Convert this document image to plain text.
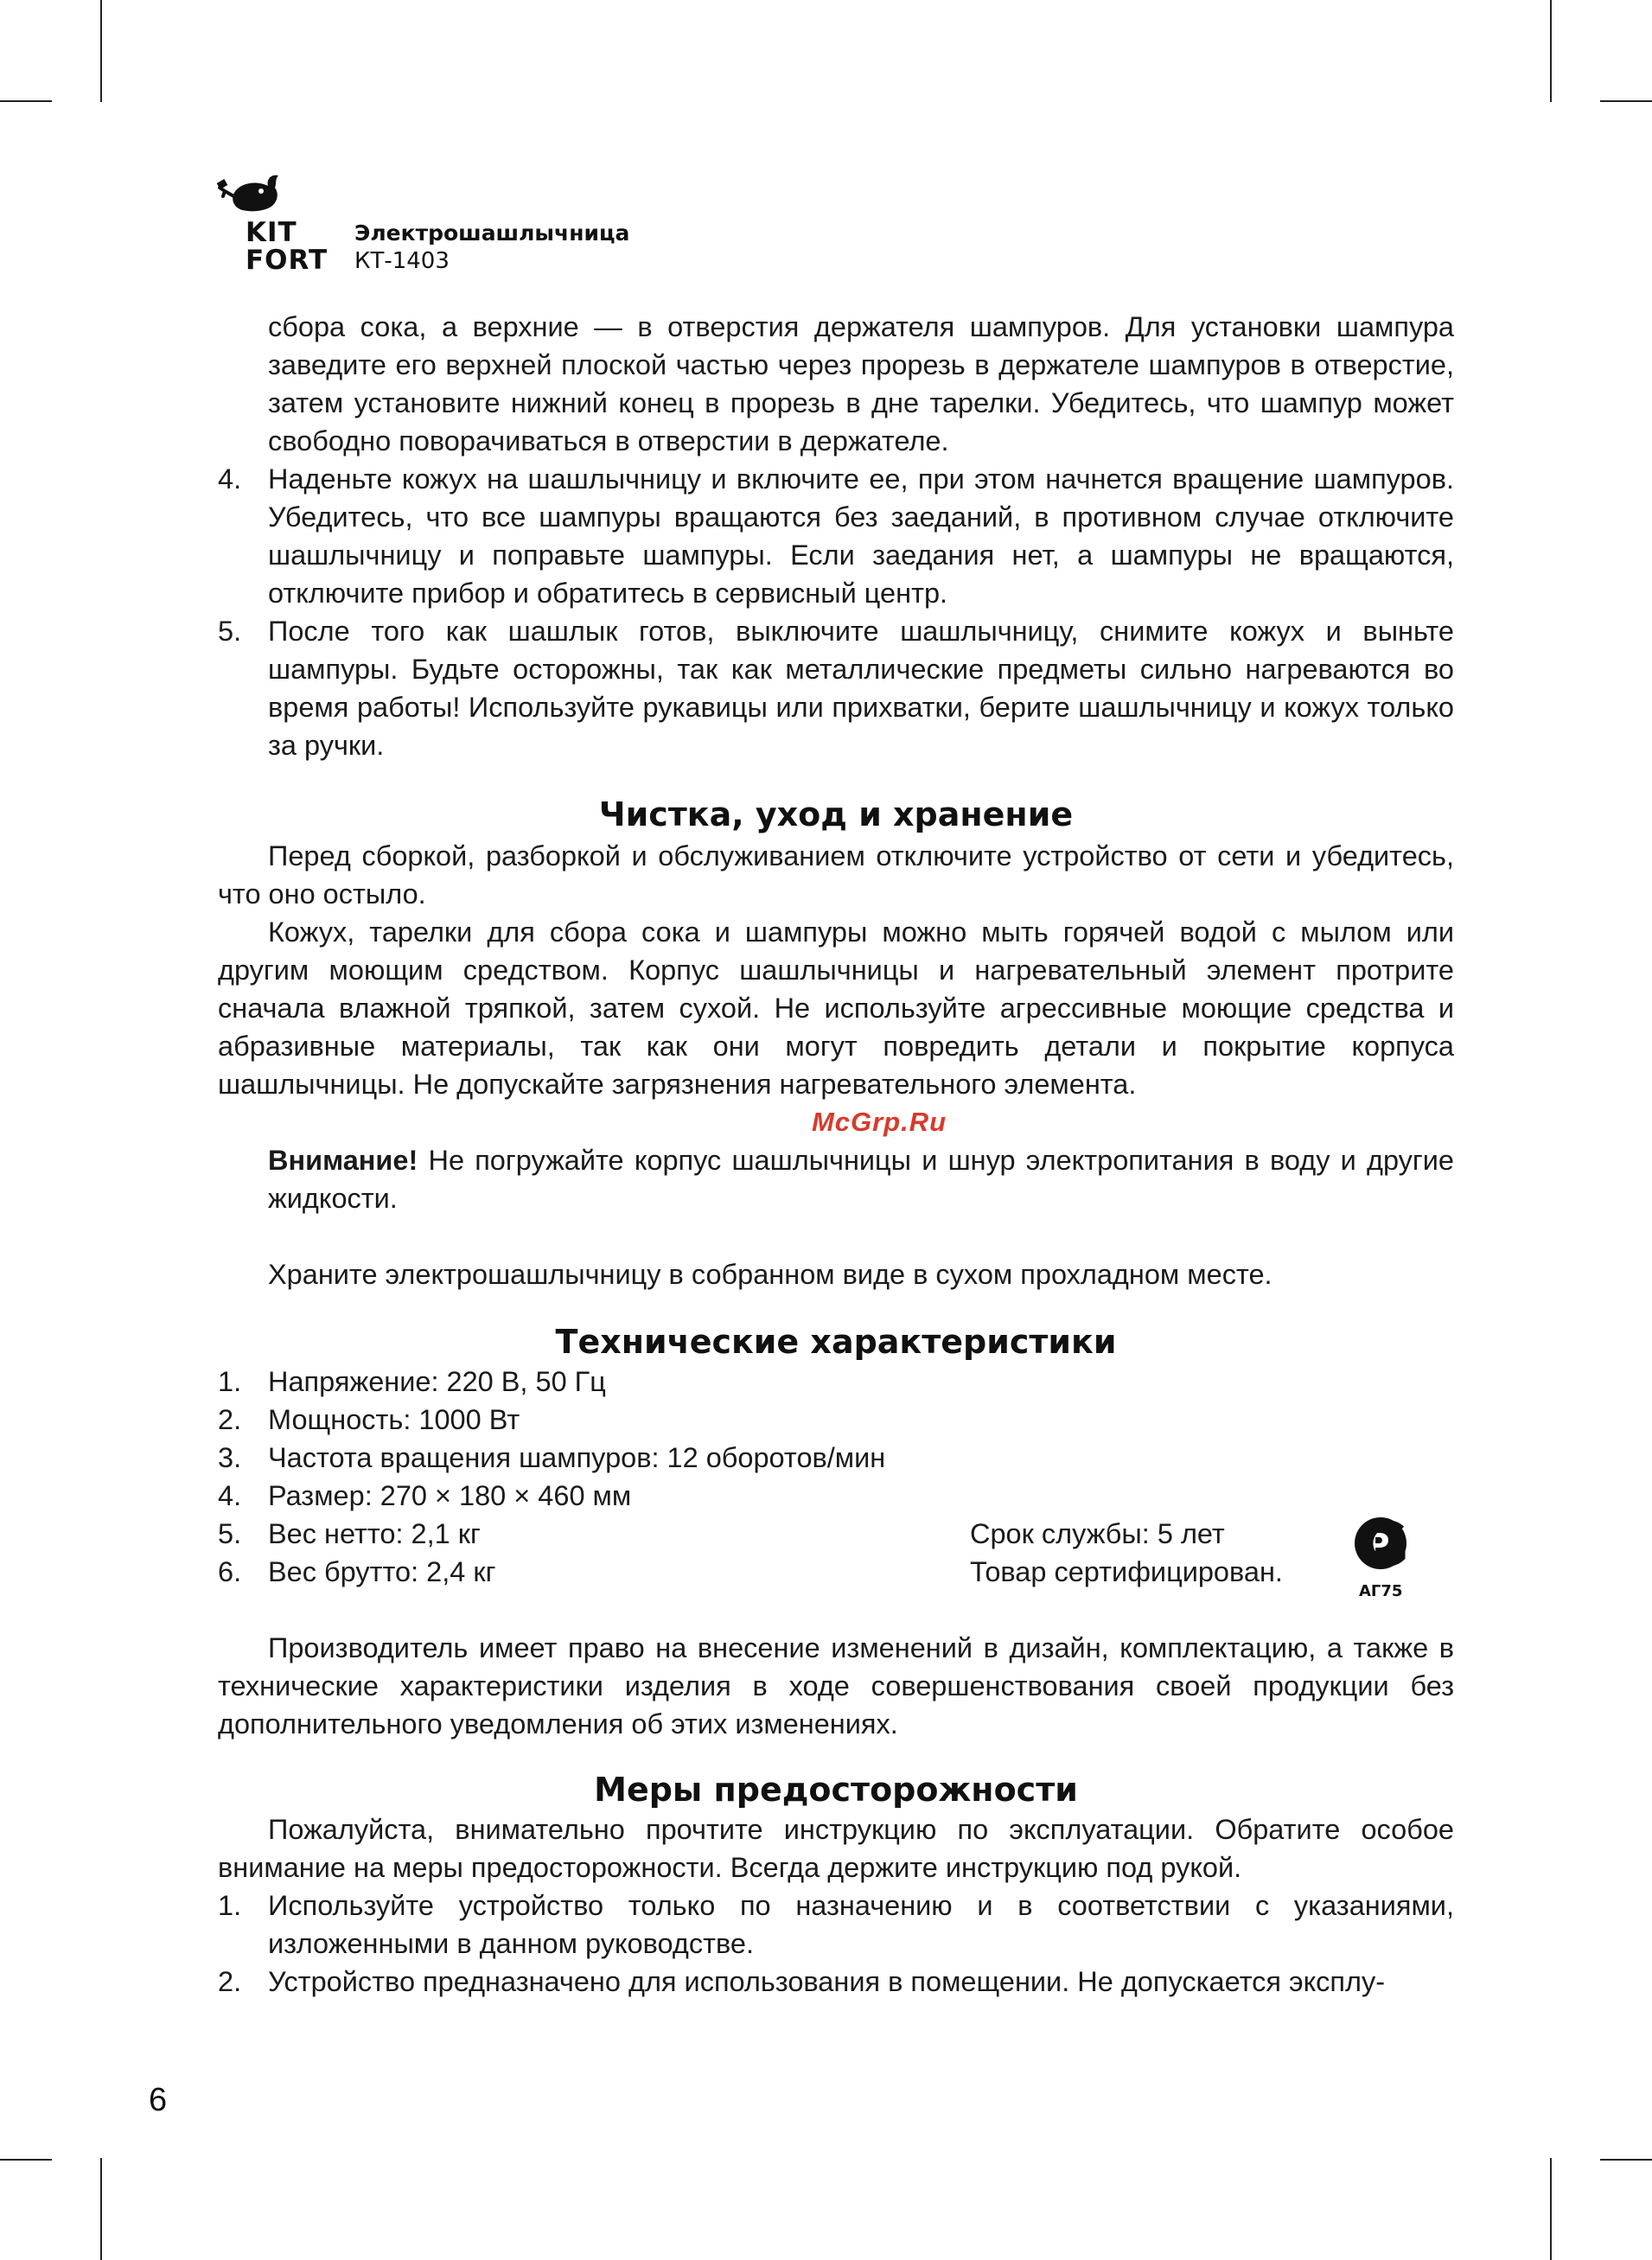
KIT
FORT
Электрошашлычница
КТ-1403

сбора сока, а верхние — в отверстия держателя шампуров. Для установки шампура заведите его верхней плоской частью через прорезь в держателе шампуров в отверстие, затем установите нижний конец в прорезь в дне тарелки. Убедитесь, что шампур может свободно поворачиваться в отверстии в держателе.

4. Наденьте кожух на шашлычницу и включите ее, при этом начнется вращение шампуров. Убедитесь, что все шампуры вращаются без заеданий, в противном случае отключите шашлычницу и поправьте шампуры. Если заедания нет, а шампуры не вращаются, отключите прибор и обратитесь в сервисный центр.
5. После того как шашлык готов, выключите шашлычницу, снимите кожух и выньте шампуры. Будьте осторожны, так как металлические предметы сильно нагреваются во время работы! Используйте рукавицы или прихватки, берите шашлычницу и кожух только за ручки.
Чистка, уход и хранение

Перед сборкой, разборкой и обслуживанием отключите устройство от сети и убедитесь, что оно остыло.

Кожух, тарелки для сбора сока и шампуры можно мыть горячей водой с мылом или другим моющим средством. Корпус шашлычницы и нагревательный элемент протрите сначала влажной тряпкой, затем сухой. Не используйте агрессивные моющие средства и абразивные материалы, так как они могут повредить детали и покрытие корпуса шашлычницы. Не допускайте загрязнения нагревательного элемента.

McGrp.Ru

Внимание! Не погружайте корпус шашлычницы и шнур электропитания в воду и другие жидкости.

Храните электрошашлычницу в собранном виде в сухом прохладном месте.

Технические характеристики
1. Напряжение: 220 В, 50 Гц
2. Мощность: 1000 Вт
3. Частота вращения шампуров: 12 оборотов/мин
4. Размер: 270 × 180 × 460 мм
5. Вес нетто: 2,1 кг
6. Вес брутто: 2,4 кг
Срок службы: 5 лет
Товар сертифицирован.
P
АГ75

Производитель имеет право на внесение изменений в дизайн, комплектацию, а также в технические характеристики изделия в ходе совершенствования своей продукции без дополнительного уведомления об этих изменениях.

Меры предосторожности

Пожалуйста, внимательно прочтите инструкцию по эксплуатации. Обратите особое внимание на меры предосторожности. Всегда держите инструкцию под рукой.

1. Используйте устройство только по назначению и в соответствии с указаниями, изложенными в данном руководстве.
2. Устройство предназначено для использования в помещении. Не допускается эксплу-
6
